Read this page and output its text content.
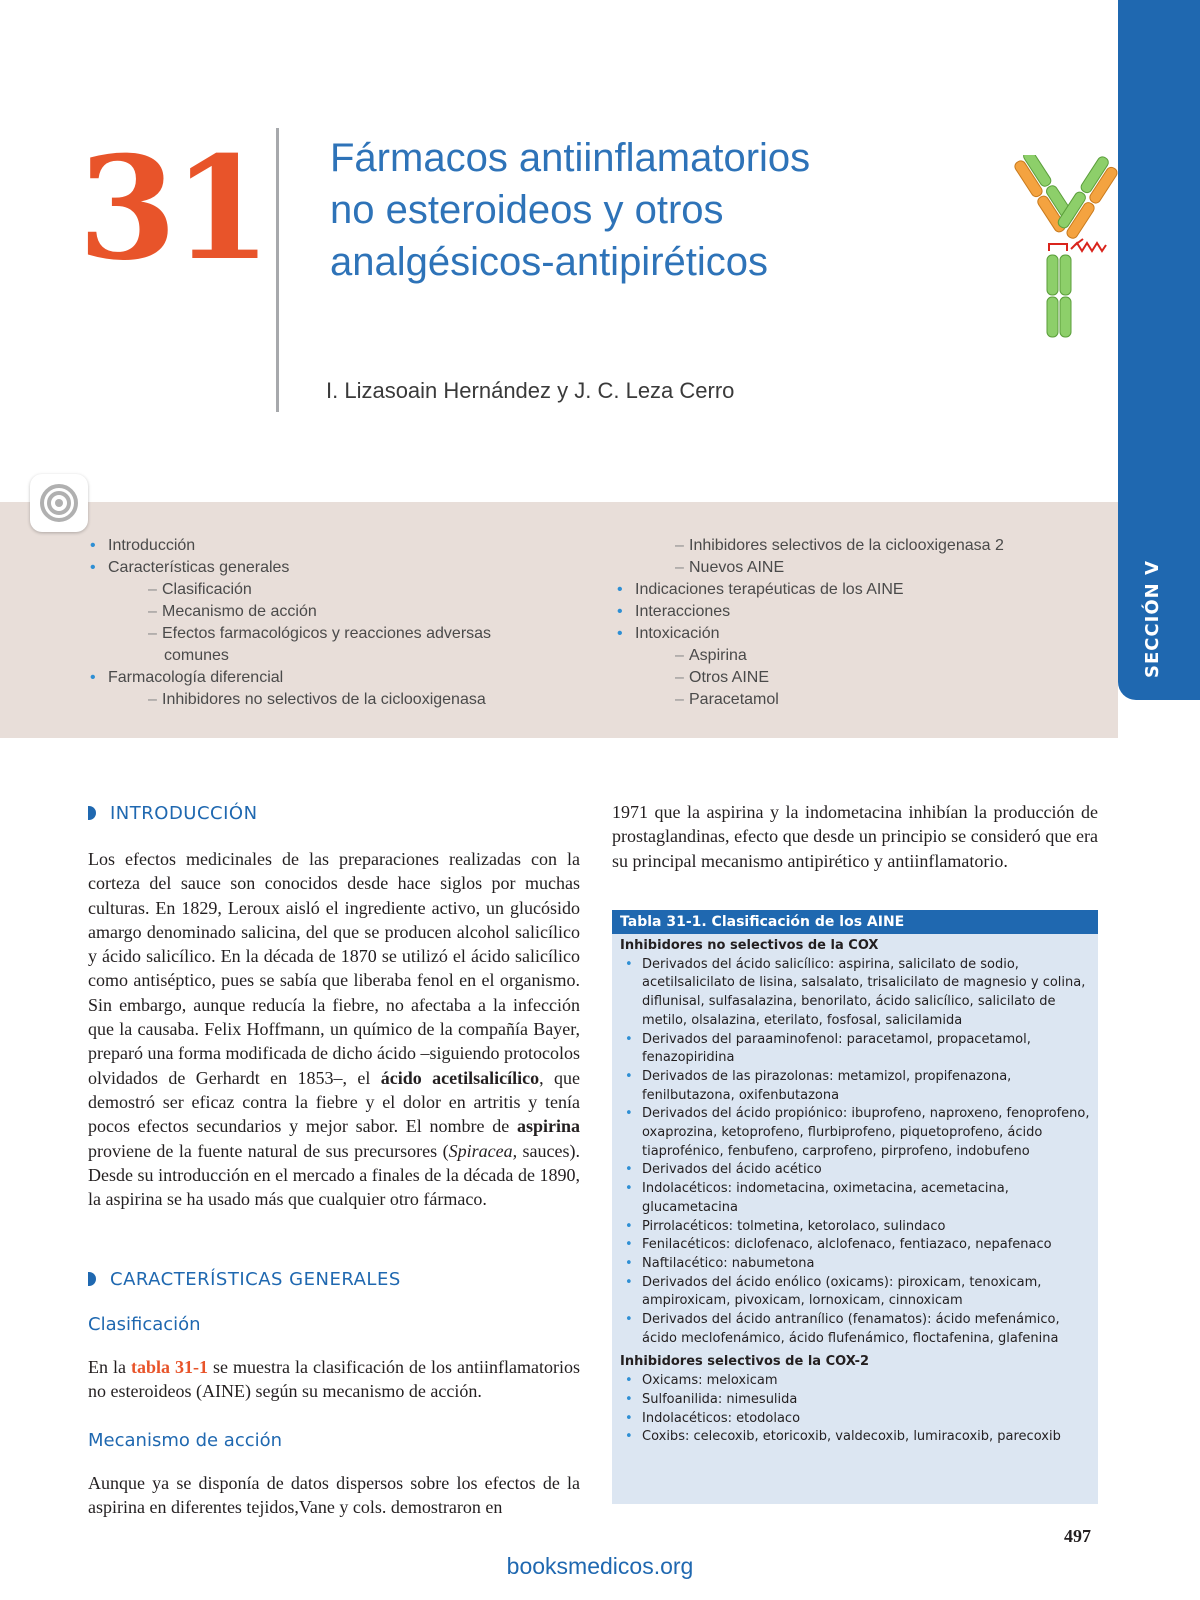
31 Fármacos antiinflamatorios
no esteroideos y otros
analgésicos-antipiréticos
I. Lizasoain Hernández y J. C. Leza Cerro
SECCIÓN V
• Introducción
• Características generales
– Clasificación
– Mecanismo de acción
– Efectos farmacológicos y reacciones adversas
comunes
• Farmacología diferencial
– Inhibidores no selectivos de la ciclooxigenasa
– Inhibidores selectivos de la ciclooxigenasa 2
– Nuevos AINE
• Indicaciones terapéuticas de los AINE
• Interacciones
• Intoxicación
– Aspirina
– Otros AINE
– Paracetamol
INTRODUCCIÓN

Los efectos medicinales de las preparaciones realizadas con la corteza del sauce son conocidos desde hace siglos por muchas culturas. En 1829, Leroux aisló el ingrediente activo, un glucósido amargo denominado salicina, del que se producen alcohol salicílico y ácido salicílico. En la década de 1870 se utilizó el ácido salicílico como antiséptico, pues se sabía que liberaba fenol en el organismo. Sin embargo, aunque reducía la fiebre, no afectaba a la infección que la causaba. Felix Hoffmann, un químico de la compañía Bayer, preparó una forma modificada de dicho ácido –siguiendo protocolos olvidados de Gerhardt en 1853–, el ácido acetilsalicílico, que demostró ser eficaz contra la fiebre y el dolor en artritis y tenía pocos efectos secundarios y mejor sabor. El nombre de aspirina proviene de la fuente natural de sus precursores (Spiracea, sauces). Desde su introducción en el mercado a finales de la década de 1890, la aspirina se ha usado más que cualquier otro fármaco.

CARACTERÍSTICAS GENERALES
Clasificación

En la tabla 31-1 se muestra la clasificación de los antiinflamatorios no esteroideos (AINE) según su mecanismo de acción.

Mecanismo de acción

Aunque ya se disponía de datos dispersos sobre los efectos de la aspirina en diferentes tejidos,Vane y cols. demostraron en

1971 que la aspirina y la indometacina inhibían la producción de prostaglandinas, efecto que desde un principio se consideró que era su principal mecanismo antipirético y antiinflamatorio.

Tabla 31-1. Clasificación de los AINE
Inhibidores no selectivos de la COX
• Derivados del ácido salicílico: aspirina, salicilato de sodio, acetilsalicilato de lisina, salsalato, trisalicilato de magnesio y colina, diflunisal, sulfasalazina, benorilato, ácido salicílico, salicilato de metilo, olsalazina, eterilato, fosfosal, salicilamida
• Derivados del paraaminofenol: paracetamol, propacetamol, fenazopiridina
• Derivados de las pirazolonas: metamizol, propifenazona, fenilbutazona, oxifenbutazona
• Derivados del ácido propiónico: ibuprofeno, naproxeno, fenoprofeno, oxaprozina, ketoprofeno, flurbiprofeno, piquetoprofeno, ácido tiaprofénico, fenbufeno, carprofeno, pirprofeno, indobufeno
• Derivados del ácido acético
• Indolacéticos: indometacina, oximetacina, acemetacina, glucametacina
• Pirrolacéticos: tolmetina, ketorolaco, sulindaco
• Fenilacéticos: diclofenaco, alclofenaco, fentiazaco, nepafenaco
• Naftilacético: nabumetona
• Derivados del ácido enólico (oxicams): piroxicam, tenoxicam, ampiroxicam, pivoxicam, lornoxicam, cinnoxicam
• Derivados del ácido antranílico (fenamatos): ácido mefenámico, ácido meclofenámico, ácido flufenámico, floctafenina, glafenina
Inhibidores selectivos de la COX-2
• Oxicams: meloxicam
• Sulfoanilida: nimesulida
• Indolacéticos: etodolaco
• Coxibs: celecoxib, etoricoxib, valdecoxib, lumiracoxib, parecoxib
497
booksmedicos.org
